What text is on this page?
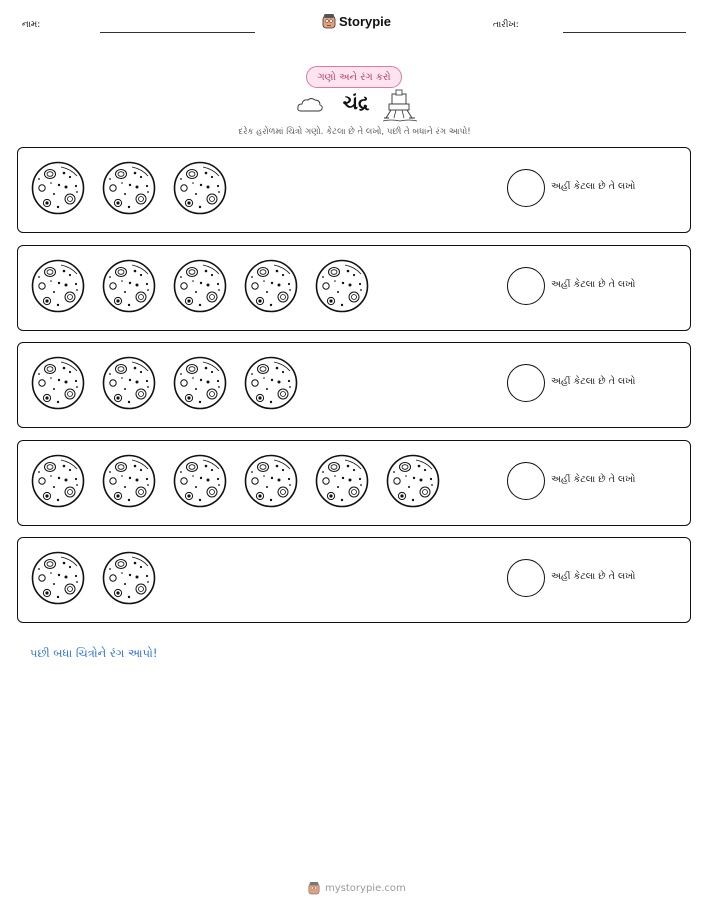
નામ:	Storypie	તારીખ:
ગણો અને રંગ કરો
ચંદ્ર
દરેક હરોળમાં ચિત્રો ગણો. કેટલા છે તે લખો, પછી તે બધાને રંગ આપો!
અહીં કેટલા છે તે લખો
અહીં કેટલા છે તે લખો
અહીં કેટલા છે તે લખો
અહીં કેટલા છે તે લખો
અહીં કેટલા છે તે લખો
પછી બધા ચિત્રોને રંગ આપો!
mystorypie.com
